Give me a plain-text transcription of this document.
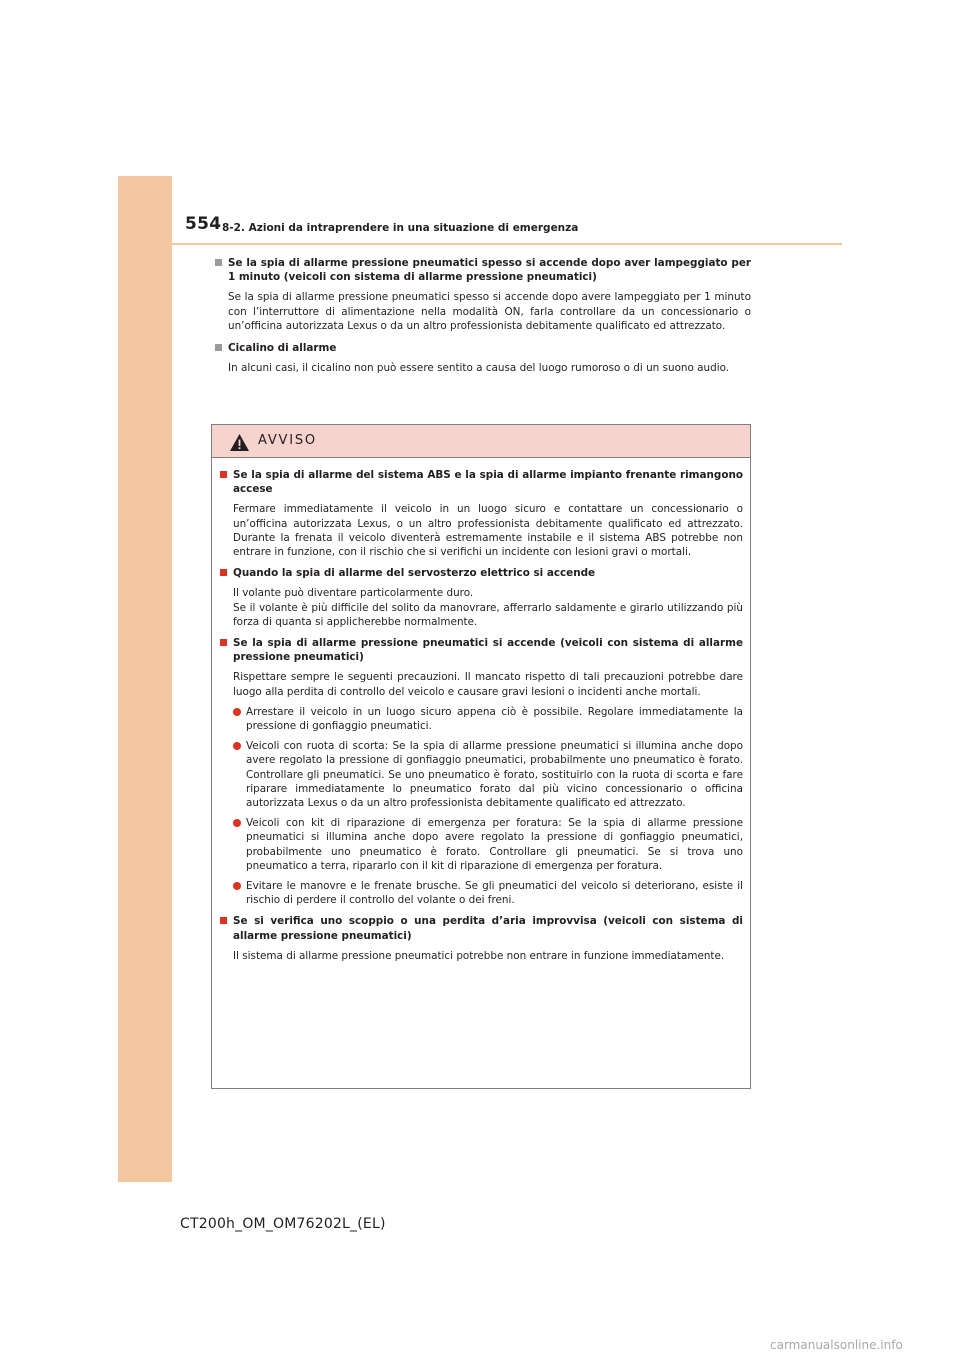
554 8-2. Azioni da intraprendere in una situazione di emergenza
Se la spia di allarme pressione pneumatici spesso si accende dopo aver lampeggiato per 1 minuto (veicoli con sistema di allarme pressione pneumatici)
Se la spia di allarme pressione pneumatici spesso si accende dopo avere lampeggiato per 1 minuto con l’interruttore di alimentazione nella modalità ON, farla controllare da un concessionario o un’officina autorizzata Lexus o da un altro professionista debitamente qualificato ed attrezzato.
Cicalino di allarme
In alcuni casi, il cicalino non può essere sentito a causa del luogo rumoroso o di un suono audio.
AVVISO
Se la spia di allarme del sistema ABS e la spia di allarme impianto frenante rimangono accese
Fermare immediatamente il veicolo in un luogo sicuro e contattare un concessionario o un’officina autorizzata Lexus, o un altro professionista debitamente qualificato ed attrezzato. Durante la frenata il veicolo diventerà estremamente instabile e il sistema ABS potrebbe non entrare in funzione, con il rischio che si verifichi un incidente con lesioni gravi o mortali.
Quando la spia di allarme del servosterzo elettrico si accende
Il volante può diventare particolarmente duro.
Se il volante è più difficile del solito da manovrare, afferrarlo saldamente e girarlo utilizzando più forza di quanta si applicherebbe normalmente.
Se la spia di allarme pressione pneumatici si accende (veicoli con sistema di allarme pressione pneumatici)
Rispettare sempre le seguenti precauzioni. Il mancato rispetto di tali precauzioni potrebbe dare luogo alla perdita di controllo del veicolo e causare gravi lesioni o incidenti anche mortali.
Arrestare il veicolo in un luogo sicuro appena ciò è possibile. Regolare immediatamente la pressione di gonfiaggio pneumatici.
Veicoli con ruota di scorta: Se la spia di allarme pressione pneumatici si illumina anche dopo avere regolato la pressione di gonfiaggio pneumatici, probabilmente uno pneumatico è forato. Controllare gli pneumatici. Se uno pneumatico è forato, sostituirlo con la ruota di scorta e fare riparare immediatamente lo pneumatico forato dal più vicino concessionario o officina autorizzata Lexus o da un altro professionista debitamente qualificato ed attrezzato.
Veicoli con kit di riparazione di emergenza per foratura: Se la spia di allarme pressione pneumatici si illumina anche dopo avere regolato la pressione di gonfiaggio pneumatici, probabilmente uno pneumatico è forato. Controllare gli pneumatici. Se si trova uno pneumatico a terra, ripararlo con il kit di riparazione di emergenza per foratura.
Evitare le manovre e le frenate brusche. Se gli pneumatici del veicolo si deteriorano, esiste il rischio di perdere il controllo del volante o dei freni.
Se si verifica uno scoppio o una perdita d’aria improvvisa (veicoli con sistema di allarme pressione pneumatici)
Il sistema di allarme pressione pneumatici potrebbe non entrare in funzione immediatamente.
CT200h_OM_OM76202L_(EL)
carmanualsonline.info
